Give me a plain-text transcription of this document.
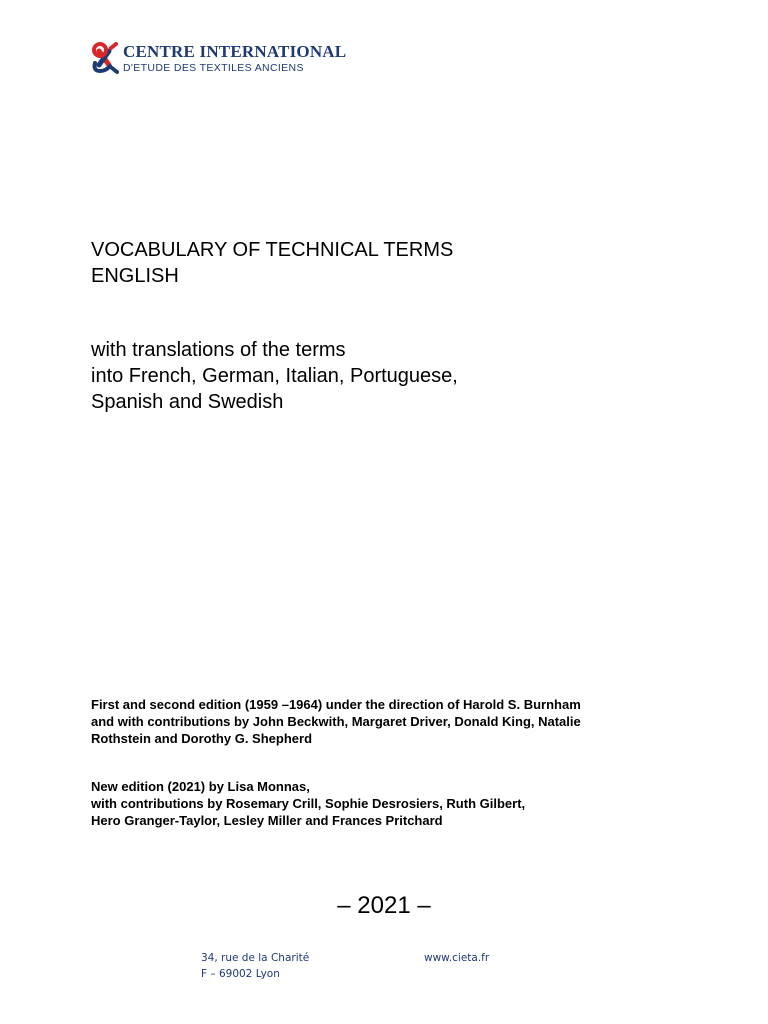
CENTRE INTERNATIONAL
D'ETUDE DES TEXTILES ANCIENS
VOCABULARY OF TECHNICAL TERMS
ENGLISH
with translations of the terms
into French, German, Italian, Portuguese,
Spanish and Swedish
First and second edition (1959 –1964) under the direction of Harold S. Burnham
and with contributions by John Beckwith, Margaret Driver, Donald King, Natalie
Rothstein and Dorothy G. Shepherd
New edition (2021) by Lisa Monnas,
with contributions by Rosemary Crill, Sophie Desrosiers, Ruth Gilbert,
Hero Granger-Taylor, Lesley Miller and Frances Pritchard
– 2021 –
34, rue de la Charité
F – 69002 Lyon
www.cieta.fr
